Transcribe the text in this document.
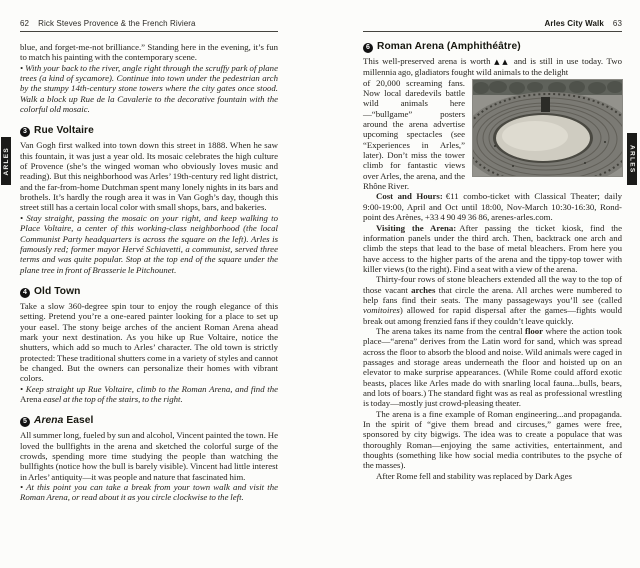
ARLES	ARLES
62 Rick Steves Provence & the French Riviera

blue, and forget-me-not brilliance.” Standing here in the evening, it’s fun to match his painting with the contemporary scene.

• With your back to the river, angle right through the scruffy park of plane trees (a kind of sycamore). Continue into town under the pedestrian arch by the stumpy 14th-century stone towers where the city gates once stood. Walk a block up Rue de la Cavalerie to the decorative fountain with the colorful old mosaic.

3 Rue Voltaire

Van Gogh first walked into town down this street in 1888. When he saw this fountain, it was just a year old. Its mosaic celebrates the high culture of Provence (she’s the winged woman who obviously loves music and reading). But this neighborhood was Arles’ 19th-century red light district, and the far-from-home Dutchman spent many lonely nights in its bars and brothels. It’s hardly the rough area it was in Van Gogh’s day, though this street still has a certain local color with small shops, bars, and bakeries.

• Stay straight, passing the mosaic on your right, and keep walking to Place Voltaire, a center of this working-class neighborhood (the local Communist Party headquarters is across the square on the left). Arles is famously red; former mayor Hervé Schiavetti, a communist, served three terms and was quite popular. Stop at the top end of the square under the plane tree in front of Brasserie le Pitchounet.

4 Old Town

Take a slow 360-degree spin tour to enjoy the rough elegance of this setting. Pretend you’re a one-eared painter looking for a place to set up your easel. The stony beige arches of the ancient Roman Arena ahead mark your next destination. As you hike up Rue Voltaire, notice the shutters, which add so much to Arles’ character. The old town is strictly protected: These traditional shutters come in a variety of styles and cannot be changed. But the owners can personalize their homes with vibrant colors.

• Keep straight up Rue Voltaire, climb to the Roman Arena, and find the Arena easel at the top of the stairs, to the right.

5 Arena Easel

All summer long, fueled by sun and alcohol, Vincent painted the town. He loved the bullfights in the arena and sketched the colorful surge of the crowds, spending more time studying the people than watching the bullfights (notice how the bull is barely visible). Vincent had little interest in Arles’ antiquity—it was people and nature that fascinated him.

• At this point you can take a break from your town walk and visit the Roman Arena, or read about it as you circle clockwise to the left.

Arles City Walk 63
6 Roman Arena (Amphithéâtre)

This well-preserved arena is worth ▲▲ and is still in use today. Two millennia ago, gladiators fought wild animals to the delight

of 20,000 screaming fans. Now local daredevils battle wild animals here—“bullgame” posters around the arena advertise upcoming spectacles (see “Experiences in Arles,” later). Don’t miss the tower climb for fantastic views over Arles, the arena, and the Rhône River.

Cost and Hours: €11 combo-ticket with Classical Theater; daily 9:00-19:00, April and Oct until 18:00, Nov-March 10:30-16:30, Rond-point des Arènes, +33 4 90 49 36 86, arenes-arles.com.

Visiting the Arena: After passing the ticket kiosk, find the information panels under the third arch. Then, backtrack one arch and climb the steps that lead to the base of metal bleachers. From here you have access to the higher parts of the arena and the tippy-top tower with killer views (to the right). Find a seat with a view of the arena.

Thirty-four rows of stone bleachers extended all the way to the top of those vacant arches that circle the arena. All arches were numbered to help fans find their seats. The many passageways you’ll see (called vomitoires) allowed for rapid dispersal after the games—fights would break out among frenzied fans if they couldn’t leave quickly.

The arena takes its name from the central floor where the action took place—“arena” derives from the Latin word for sand, which was spread across the floor to absorb the blood and noise. Wild animals were caged in passages and storage areas underneath the floor and hoisted up on an elevator to make surprise appearances. (While Rome could afford exotic beasts, places like Arles made do with snarling local fauna...bulls, bears, and lots of boars.) The standard fight was as real as professional wrestling is today—mostly just crowd-pleasing theater.

The arena is a fine example of Roman engineering...and propaganda. In the spirit of “give them bread and circuses,” games were free, sponsored by city bigwigs. The idea was to create a populace that was thoroughly Roman—enjoying the same activities, entertainment, and thoughts (something like how social media contributes to the psyche of the masses).

After Rome fell and stability was replaced by Dark Ages
